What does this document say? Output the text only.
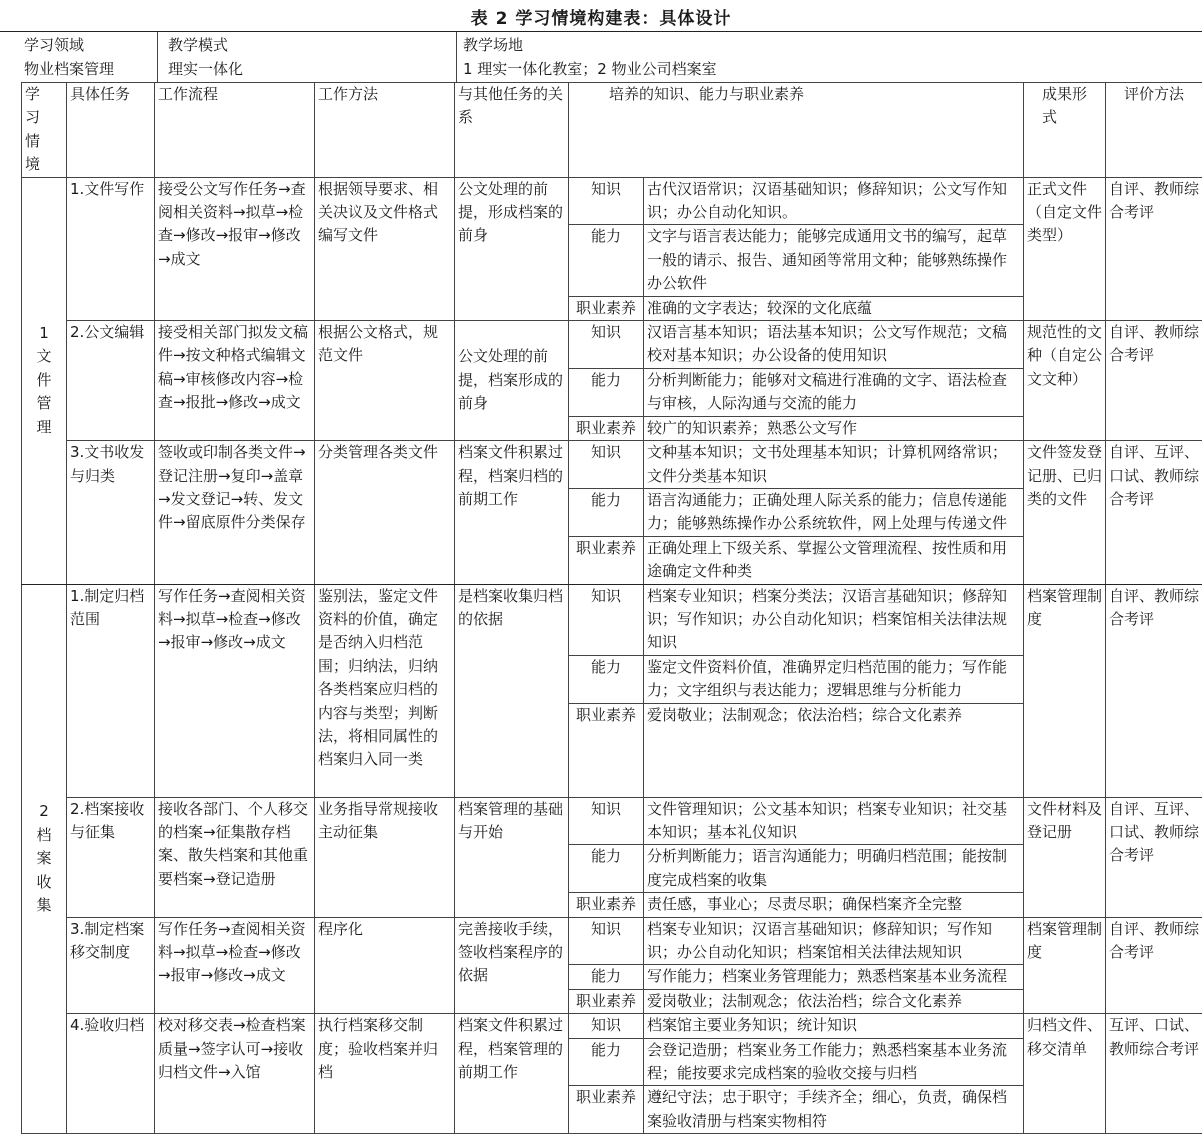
表 2 学习情境构建表：具体设计
学习领域
物业档案管理
教学模式
理实一体化
教学场地
1 理实一体化教室；2 物业公司档案室
学习情境	具体任务	工作流程	工作方法	与其他任务的关系	培养的知识、能力与职业素养		成果形式	评价方法

1文件管理	1.文件写作	接受公文写作任务→查阅相关资料→拟草→检查→修改→报审→修改→成文	根据领导要求、相关决议及文件格式编写文件	公文处理的前提，形成档案的前身	知识	古代汉语常识；汉语基础知识；修辞知识；公文写作知识；办公自动化知识。	正式文件（自定文件类型）	自评、教师综合考评
					能力	文字与语言表达能力；能够完成通用文书的编写，起草一般的请示、报告、通知函等常用文种；能够熟练操作办公软件		
					职业素养	准确的文字表达；较深的文化底蕴		
	2.公文编辑	接受相关部门拟发文稿件→按文种格式编辑文稿→审核修改内容→检查→报批→修改→成文	根据公文格式，规范文件	公文处理的前提，档案形成的前身	知识	汉语言基本知识；语法基本知识；公文写作规范；文稿校对基本知识；办公设备的使用知识	规范性的文种（自定公文文种）	自评、教师综合考评
					能力	分析判断能力；能够对文稿进行准确的文字、语法检查与审核，人际沟通与交流的能力		
					职业素养	较广的知识素养；熟悉公文写作		
	3.文书收发与归类	签收或印制各类文件→登记注册→复印→盖章→发文登记→转、发文件→留底原件分类保存	分类管理各类文件	档案文件积累过程，档案归档的前期工作	知识	文种基本知识；文书处理基本知识；计算机网络常识；文件分类基本知识	文件签发登记册、已归类的文件	自评、互评、口试、教师综合考评
					能力	语言沟通能力；正确处理人际关系的能力；信息传递能力；能够熟练操作办公系统软件，网上处理与传递文件		
					职业素养	正确处理上下级关系、掌握公文管理流程、按性质和用途确定文件种类		

2档案收集	1.制定归档范围	写作任务→查阅相关资料→拟草→检查→修改→报审→修改→成文	鉴别法，鉴定文件资料的价值，确定是否纳入归档范围；归纳法，归纳各类档案应归档的内容与类型；判断法，将相同属性的档案归入同一类	是档案收集归档的依据	知识	档案专业知识；档案分类法；汉语言基础知识；修辞知识；写作知识；办公自动化知识；档案馆相关法律法规知识	档案管理制度	自评、教师综合考评
					能力	鉴定文件资料价值，准确界定归档范围的能力；写作能力；文字组织与表达能力；逻辑思维与分析能力		
					职业素养	爱岗敬业；法制观念；依法治档；综合文化素养		
	2.档案接收与征集	接收各部门、个人移交的档案→征集散存档案、散失档案和其他重要档案→登记造册	业务指导常规接收主动征集	档案管理的基础与开始	知识	文件管理知识；公文基本知识；档案专业知识；社交基本知识；基本礼仪知识	文件材料及登记册	自评、互评、口试、教师综合考评
					能力	分析判断能力；语言沟通能力；明确归档范围；能按制度完成档案的收集		
					职业素养	责任感，事业心；尽责尽职；确保档案齐全完整		
	3.制定档案移交制度	写作任务→查阅相关资料→拟草→检查→修改→报审→修改→成文	程序化	完善接收手续，签收档案程序的依据	知识	档案专业知识；汉语言基础知识；修辞知识；写作知识；办公自动化知识；档案馆相关法律法规知识	档案管理制度	自评、教师综合考评
					能力	写作能力；档案业务管理能力；熟悉档案基本业务流程		
					职业素养	爱岗敬业；法制观念；依法治档；综合文化素养		
	4.验收归档	校对移交表→检查档案质量→签字认可→接收归档文件→入馆	执行档案移交制度；验收档案并归档	档案文件积累过程，档案管理的前期工作	知识	档案馆主要业务知识；统计知识	归档文件、移交清单	互评、口试、教师综合考评
					能力	会登记造册；档案业务工作能力；熟悉档案基本业务流程；能按要求完成档案的验收交接与归档		
					职业素养	遵纪守法；忠于职守；手续齐全；细心，负责，确保档案验收清册与档案实物相符		
